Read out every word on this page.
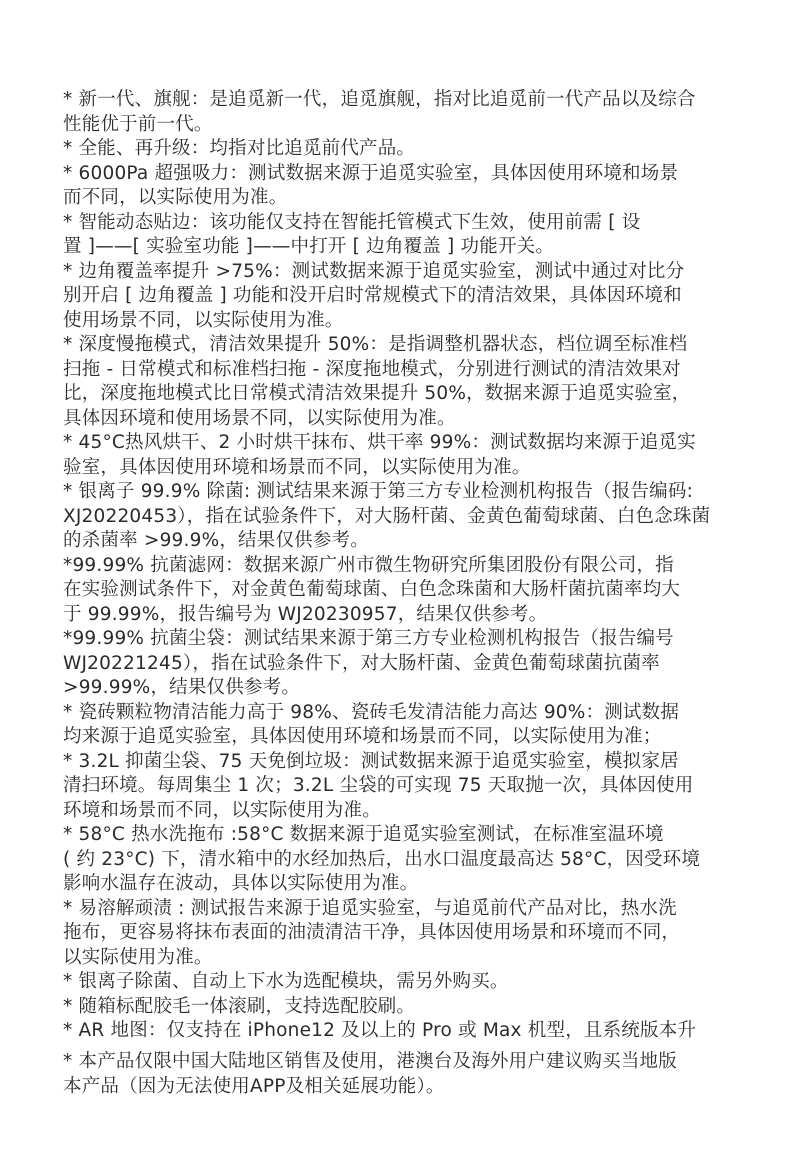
* 新一代、旗舰：是追觅新一代，追觅旗舰，指对比追觅前一代产品以及综合
性能优于前一代。
* 全能、再升级：均指对比追觅前代产品。
* 6000Pa 超强吸力：测试数据来源于追觅实验室，具体因使用环境和场景
而不同，以实际使用为准。
* 智能动态贴边：该功能仅支持在智能托管模式下生效，使用前需 [ 设
置 ]——[ 实验室功能 ]——中打开 [ 边角覆盖 ] 功能开关。
* 边角覆盖率提升 >75%：测试数据来源于追觅实验室，测试中通过对比分
别开启 [ 边角覆盖 ] 功能和没开启时常规模式下的清洁效果，具体因环境和
使用场景不同，以实际使用为准。
* 深度慢拖模式，清洁效果提升 50%：是指调整机器状态，档位调至标准档
扫拖 - 日常模式和标准档扫拖 - 深度拖地模式，分别进行测试的清洁效果对
比，深度拖地模式比日常模式清洁效果提升 50%，数据来源于追觅实验室，
具体因环境和使用场景不同，以实际使用为准。
* 45°C热风烘干、2 小时烘干抹布、烘干率 99%：测试数据均来源于追觅实
验室，具体因使用环境和场景而不同，以实际使用为准。
* 银离子 99.9% 除菌: 测试结果来源于第三方专业检测机构报告（报告编码:
XJ20220453），指在试验条件下，对大肠杆菌、金黄色葡萄球菌、白色念珠菌
的杀菌率 >99.9%，结果仅供参考。
*99.99% 抗菌滤网：数据来源广州市微生物研究所集团股份有限公司，指
在实验测试条件下，对金黄色葡萄球菌、白色念珠菌和大肠杆菌抗菌率均大
于 99.99%，报告编号为 WJ20230957，结果仅供参考。
*99.99% 抗菌尘袋：测试结果来源于第三方专业检测机构报告（报告编号
WJ20221245），指在试验条件下，对大肠杆菌、金黄色葡萄球菌抗菌率
>99.99%，结果仅供参考。
* 瓷砖颗粒物清洁能力高于 98%、瓷砖毛发清洁能力高达 90%：测试数据
均来源于追觅实验室，具体因使用环境和场景而不同，以实际使用为准；
* 3.2L 抑菌尘袋、75 天免倒垃圾：测试数据来源于追觅实验室，模拟家居
清扫环境。每周集尘 1 次；3.2L 尘袋的可实现 75 天取抛一次，具体因使用
环境和场景而不同，以实际使用为准。
* 58°C 热水洗拖布 :58°C 数据来源于追觅实验室测试，在标准室温环境
( 约 23°C) 下，清水箱中的水经加热后，出水口温度最高达 58°C，因受环境
影响水温存在波动，具体以实际使用为准。
* 易溶解顽渍 : 测试报告来源于追觅实验室，与追觅前代产品对比，热水洗
拖布，更容易将抹布表面的油渍清洁干净，具体因使用场景和环境而不同，
以实际使用为准。
* 银离子除菌、自动上下水为选配模块，需另外购买。
* 随箱标配胶毛一体滚刷，支持选配胶刷。
* AR 地图：仅支持在 iPhone12 及以上的 Pro 或 Max 机型，且系统版本升
* 本产品仅限中国大陆地区销售及使用，港澳台及海外用户建议购买当地版
本产品（因为无法使用APP及相关延展功能）。
